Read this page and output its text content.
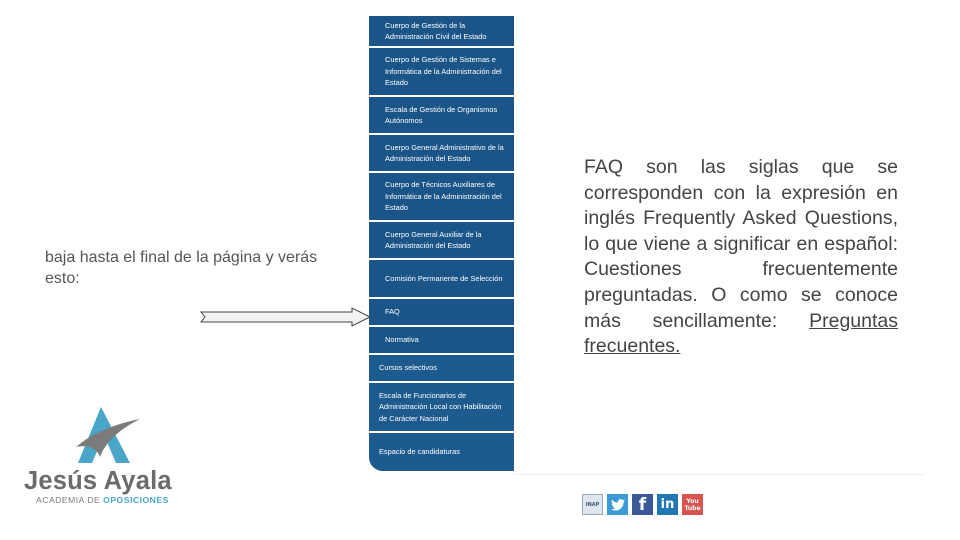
Cuerpo de Gestión de la Administración Civil del Estado
Cuerpo de Gestión de Sistemas e Informática de la Administración del Estado
Escala de Gestión de Organismos Autónomos
Cuerpo General Administrativo de la Administración del Estado
Cuerpo de Técnicos Auxiliares de Informática de la Administración del Estado
Cuerpo General Auxiliar de la Administración del Estado
Comisión Permanente de Selección
FAQ
Normativa
Cursos selectivos
Escala de Funcionarios de Administración Local con Habilitación de Carácter Nacional
Espacio de candidaturas
baja hasta el final de la página y verás esto:
FAQ son las siglas que se corresponden con la expresión en inglés Frequently Asked Questions, lo que viene a significar en español: Cuestiones frecuentemente preguntadas. O como se conoce más sencillamente: Preguntas frecuentes.
INAP	f	in	You Tube
Jesús Ayala
ACADEMIA DE OPOSICIONES
